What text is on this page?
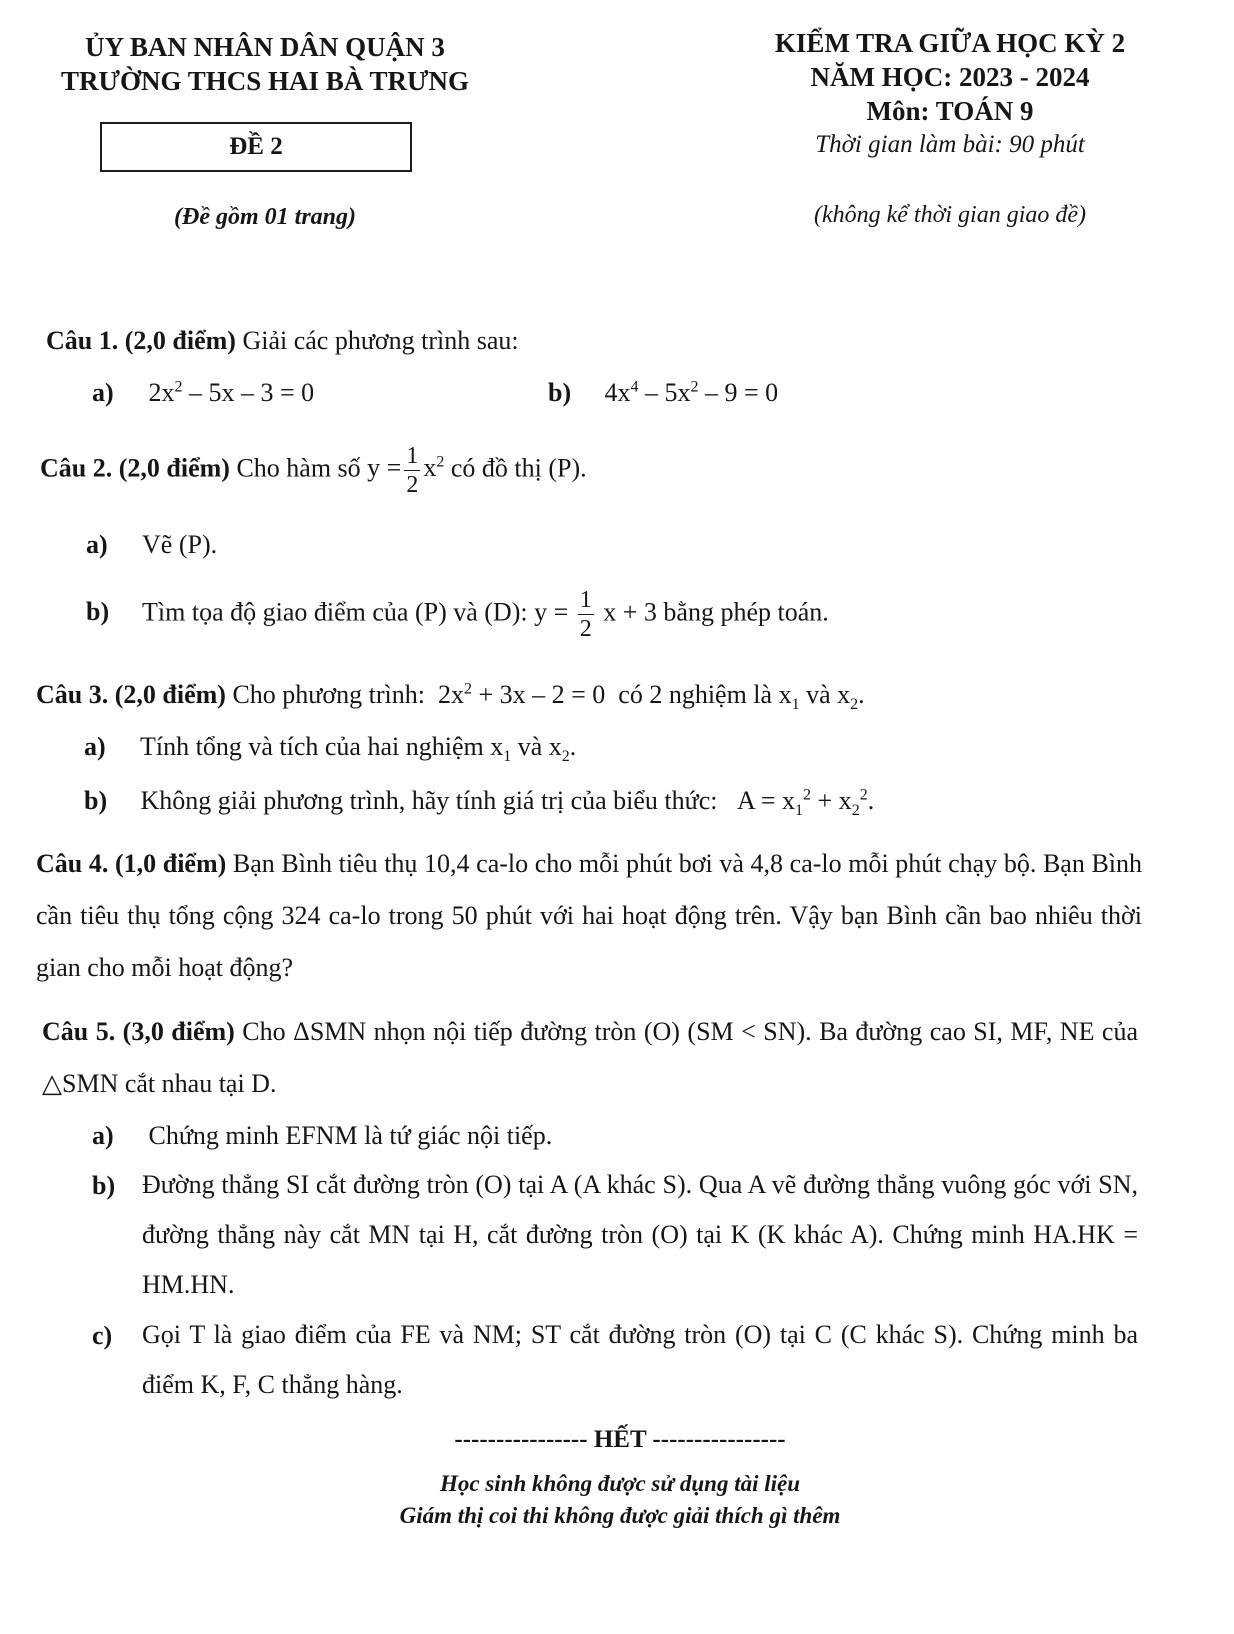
ỦY BAN NHÂN DÂN QUẬN 3
TRƯỜNG THCS HAI BÀ TRƯNG
ĐỀ 2
(Đề gồm 01 trang)
KIỂM TRA GIỮA HỌC KỲ 2
NĂM HỌC: 2023 - 2024
Môn: TOÁN 9
Thời gian làm bài: 90 phút
(không kể thời gian giao đề)
Câu 1. (2,0 điểm) Giải các phương trình sau:
a) $2x^2 - 5x - 3 = 0$	b) $4x^4 - 5x^2 - 9 = 0$
Câu 2. (2,0 điểm) Cho hàm số $y = \frac{1}{2} x^2$ có đồ thị (P).
a) Vẽ (P).
b) Tìm tọa độ giao điểm của (P) và (D): $y = \frac{1}{2}$ x + 3 bằng phép toán.
Câu 3. (2,0 điểm) Cho phương trình:  $2x^2 + 3x - 2 = 0$  có 2 nghiệm là $x_1$ và $x_2$.
a) Tính tổng và tích của hai nghiệm $x_1$ và $x_2$.
b) Không giải phương trình, hãy tính giá trị của biểu thức:   $A = x_1^2 + x_2^2$.
Câu 4. (1,0 điểm) Bạn Bình tiêu thụ 10,4 ca-lo cho mỗi phút bơi và 4,8 ca-lo mỗi phút chạy bộ. Bạn Bình cần tiêu thụ tổng cộng 324 ca-lo trong 50 phút với hai hoạt động trên. Vậy bạn Bình cần bao nhiêu thời gian cho mỗi hoạt động?
Câu 5. (3,0 điểm) Cho ΔSMN nhọn nội tiếp đường tròn (O) (SM < SN). Ba đường cao SI, MF, NE của △SMN cắt nhau tại D.
a) Chứng minh EFNM là tứ giác nội tiếp.
b)	Đường thẳng SI cắt đường tròn (O) tại A (A khác S). Qua A vẽ đường thẳng vuông góc với SN, đường thẳng này cắt MN tại H, cắt đường tròn (O) tại K (K khác A). Chứng minh HA.HK = HM.HN.
c)	Gọi T là giao điểm của FE và NM; ST cắt đường tròn (O) tại C (C khác S). Chứng minh ba điểm K, F, C thẳng hàng.
---------------- HẾT ----------------
Học sinh không được sử dụng tài liệu
Giám thị coi thi không được giải thích gì thêm
